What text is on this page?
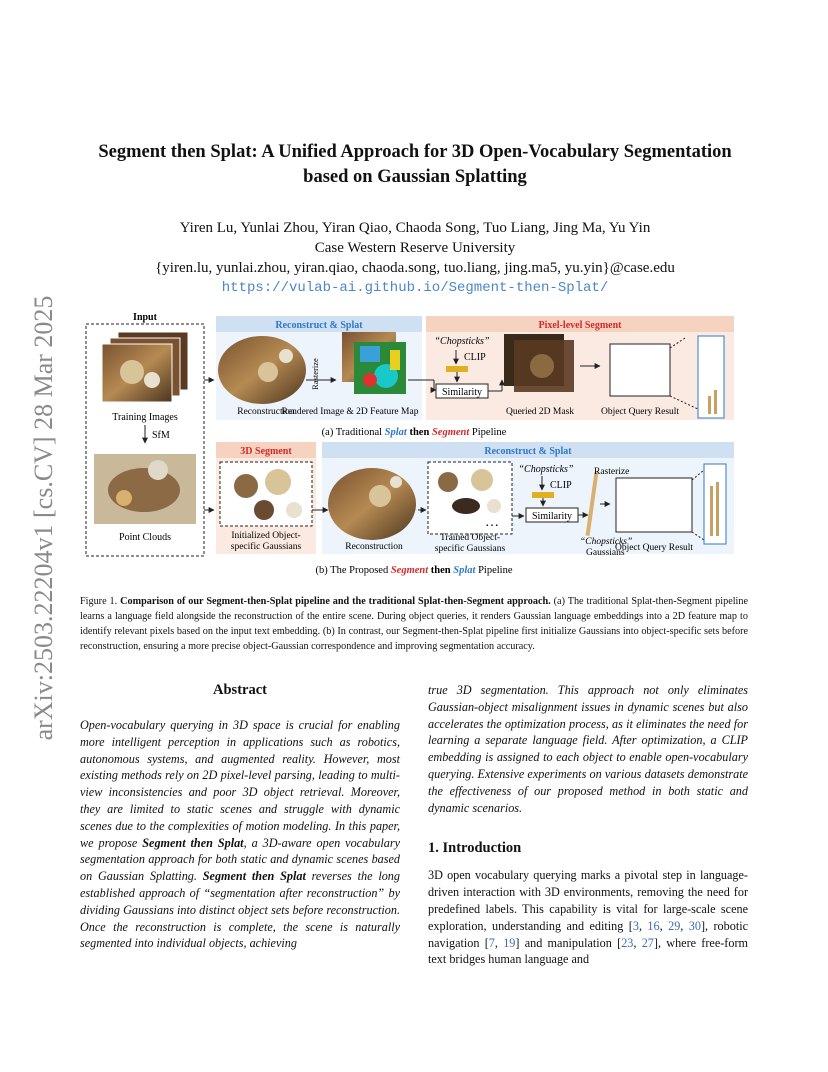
arXiv:2503.22204v1 [cs.CV] 28 Mar 2025
Segment then Splat: A Unified Approach for 3D Open-Vocabulary Segmentation
based on Gaussian Splatting
Yiren Lu, Yunlai Zhou, Yiran Qiao, Chaoda Song, Tuo Liang, Jing Ma, Yu Yin
Case Western Reserve University
{yiren.lu, yunlai.zhou, yiran.qiao, chaoda.song, tuo.liang, jing.ma5, yu.yin}@case.edu
https://vulab-ai.github.io/Segment-then-Splat/
Input
Training Images
SfM
Point Clouds
Reconstruct & Splat	Pixel-level Segment
Reconstruction
Rasterize
Rendered Image & 2D Feature Map
“Chopsticks”
CLIP
Similarity
Queried 2D Mask	Object Query Result
(a) Traditional Splat then Segment Pipeline
3D Segment	Reconstruct & Splat
Initialized Object-
specific Gaussians	Reconstruction
…
Trained Object-
specific Gaussians
“Chopsticks”
CLIP
Similarity
“Chopsticks”
Gaussians
Rasterize
Object Query Result
(b) The Proposed Segment then Splat Pipeline
Figure 1. Comparison of our Segment-then-Splat pipeline and the traditional Splat-then-Segment approach. (a) The traditional Splat-then-Segment pipeline learns a language field alongside the reconstruction of the entire scene. During object queries, it renders Gaussian language embeddings into a 2D feature map to identify relevant pixels based on the input text embedding. (b) In contrast, our Segment-then-Splat pipeline first initialize Gaussians into object-specific sets before reconstruction, ensuring a more precise object-Gaussian correspondence and improving segmentation accuracy.
Abstract

Open-vocabulary querying in 3D space is crucial for enabling more intelligent perception in applications such as robotics, autonomous systems, and augmented reality. However, most existing methods rely on 2D pixel-level parsing, leading to multi-view inconsistencies and poor 3D object retrieval. Moreover, they are limited to static scenes and struggle with dynamic scenes due to the complexities of motion modeling. In this paper, we propose Segment then Splat, a 3D-aware open vocabulary segmentation approach for both static and dynamic scenes based on Gaussian Splatting. Segment then Splat reverses the long established approach of “segmentation after reconstruction” by dividing Gaussians into distinct object sets before reconstruction. Once the reconstruction is complete, the scene is naturally segmented into individual objects, achieving

true 3D segmentation. This approach not only eliminates Gaussian-object misalignment issues in dynamic scenes but also accelerates the optimization process, as it eliminates the need for learning a separate language field. After optimization, a CLIP embedding is assigned to each object to enable open-vocabulary querying. Extensive experiments on various datasets demonstrate the effectiveness of our proposed method in both static and dynamic scenarios.

1. Introduction

3D open vocabulary querying marks a pivotal step in language-driven interaction with 3D environments, removing the need for predefined labels. This capability is vital for large-scale scene exploration, understanding and editing [3, 16, 29, 30], robotic navigation [7, 19] and manipulation [23, 27], where free-form text bridges human language and
